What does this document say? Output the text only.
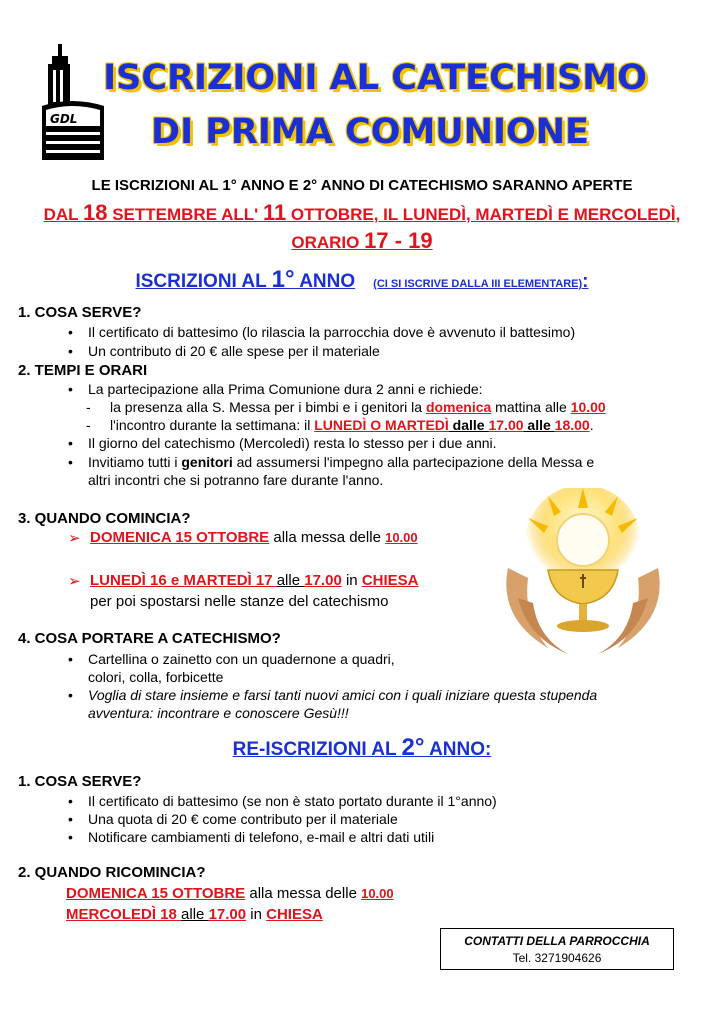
GDL
ISCRIZIONI AL CATECHISMO
DI PRIMA COMUNIONE
LE ISCRIZIONI AL 1° ANNO E 2° ANNO DI CATECHISMO SARANNO APERTE
DAL 18 SETTEMBRE ALL' 11 OTTOBRE, IL LUNEDÌ, MARTEDÌ E MERCOLEDÌ,
ORARIO 17 - 19
ISCRIZIONI AL 1° ANNO (CI SI ISCRIVE DALLA III ELEMENTARE):
1. COSA SERVE?
• Il certificato di battesimo (lo rilascia la parrocchia dove è avvenuto il battesimo)
• Un contributo di 20 € alle spese per il materiale
2. TEMPI E ORARI
• La partecipazione alla Prima Comunione dura 2 anni e richiede:
- la presenza alla S. Messa per i bimbi e i genitori la domenica mattina alle 10.00
- l'incontro durante la settimana: il LUNEDÌ O MARTEDÌ dalle 17.00 alle 18.00.
• Il giorno del catechismo (Mercoledì) resta lo stesso per i due anni.
• Invitiamo tutti i genitori ad assumersi l'impegno alla partecipazione della Messa e
altri incontri che si potranno fare durante l'anno.
3. QUANDO COMINCIA?
➢ DOMENICA 15 OTTOBRE alla messa delle 10.00
➢ LUNEDÌ 16 e MARTEDÌ 17 alle 17.00 in CHIESA
per poi spostarsi nelle stanze del catechismo
4. COSA PORTARE A CATECHISMO?
• Cartellina o zainetto con un quadernone a quadri,
colori, colla, forbicette
• Voglia di stare insieme e farsi tanti nuovi amici con i quali iniziare questa stupenda
avventura: incontrare e conoscere Gesù!!!
RE-ISCRIZIONI AL 2° ANNO:
1. COSA SERVE?
• Il certificato di battesimo (se non è stato portato durante il 1°anno)
• Una quota di 20 € come contributo per il materiale
• Notificare cambiamenti di telefono, e-mail e altri dati utili
2. QUANDO RICOMINCIA?
DOMENICA 15 OTTOBRE alla messa delle 10.00
MERCOLEDÌ 18 alle 17.00 in CHIESA
CONTATTI DELLA PARROCCHIA
Tel. 3271904626
